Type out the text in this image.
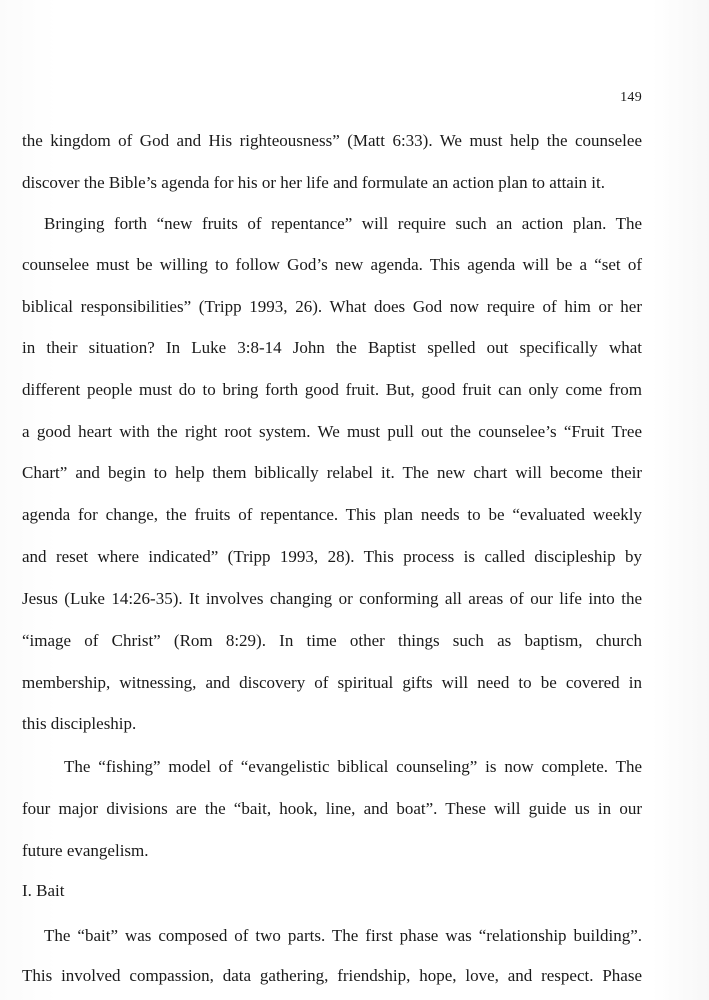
149
the kingdom of God and His righteousness” (Matt 6:33). We must help the counselee
discover the Bible’s agenda for his or her life and formulate an action plan to attain it.
Bringing forth “new fruits of repentance” will require such an action plan. The
counselee must be willing to follow God’s new agenda. This agenda will be a “set of
biblical responsibilities” (Tripp 1993, 26). What does God now require of him or her
in their situation? In Luke 3:8-14 John the Baptist spelled out specifically what
different people must do to bring forth good fruit. But, good fruit can only come from
a good heart with the right root system. We must pull out the counselee’s “Fruit Tree
Chart” and begin to help them biblically relabel it. The new chart will become their
agenda for change, the fruits of repentance. This plan needs to be “evaluated weekly
and reset where indicated” (Tripp 1993, 28). This process is called discipleship by
Jesus (Luke 14:26-35). It involves changing or conforming all areas of our life into the
“image of Christ” (Rom 8:29). In time other things such as baptism, church
membership, witnessing, and discovery of spiritual gifts will need to be covered in
this discipleship.
The “fishing” model of “evangelistic biblical counseling” is now complete. The
four major divisions are the “bait, hook, line, and boat”. These will guide us in our
future evangelism.
I. Bait
The “bait” was composed of two parts. The first phase was “relationship building”.
This involved compassion, data gathering, friendship, hope, love, and respect. Phase
